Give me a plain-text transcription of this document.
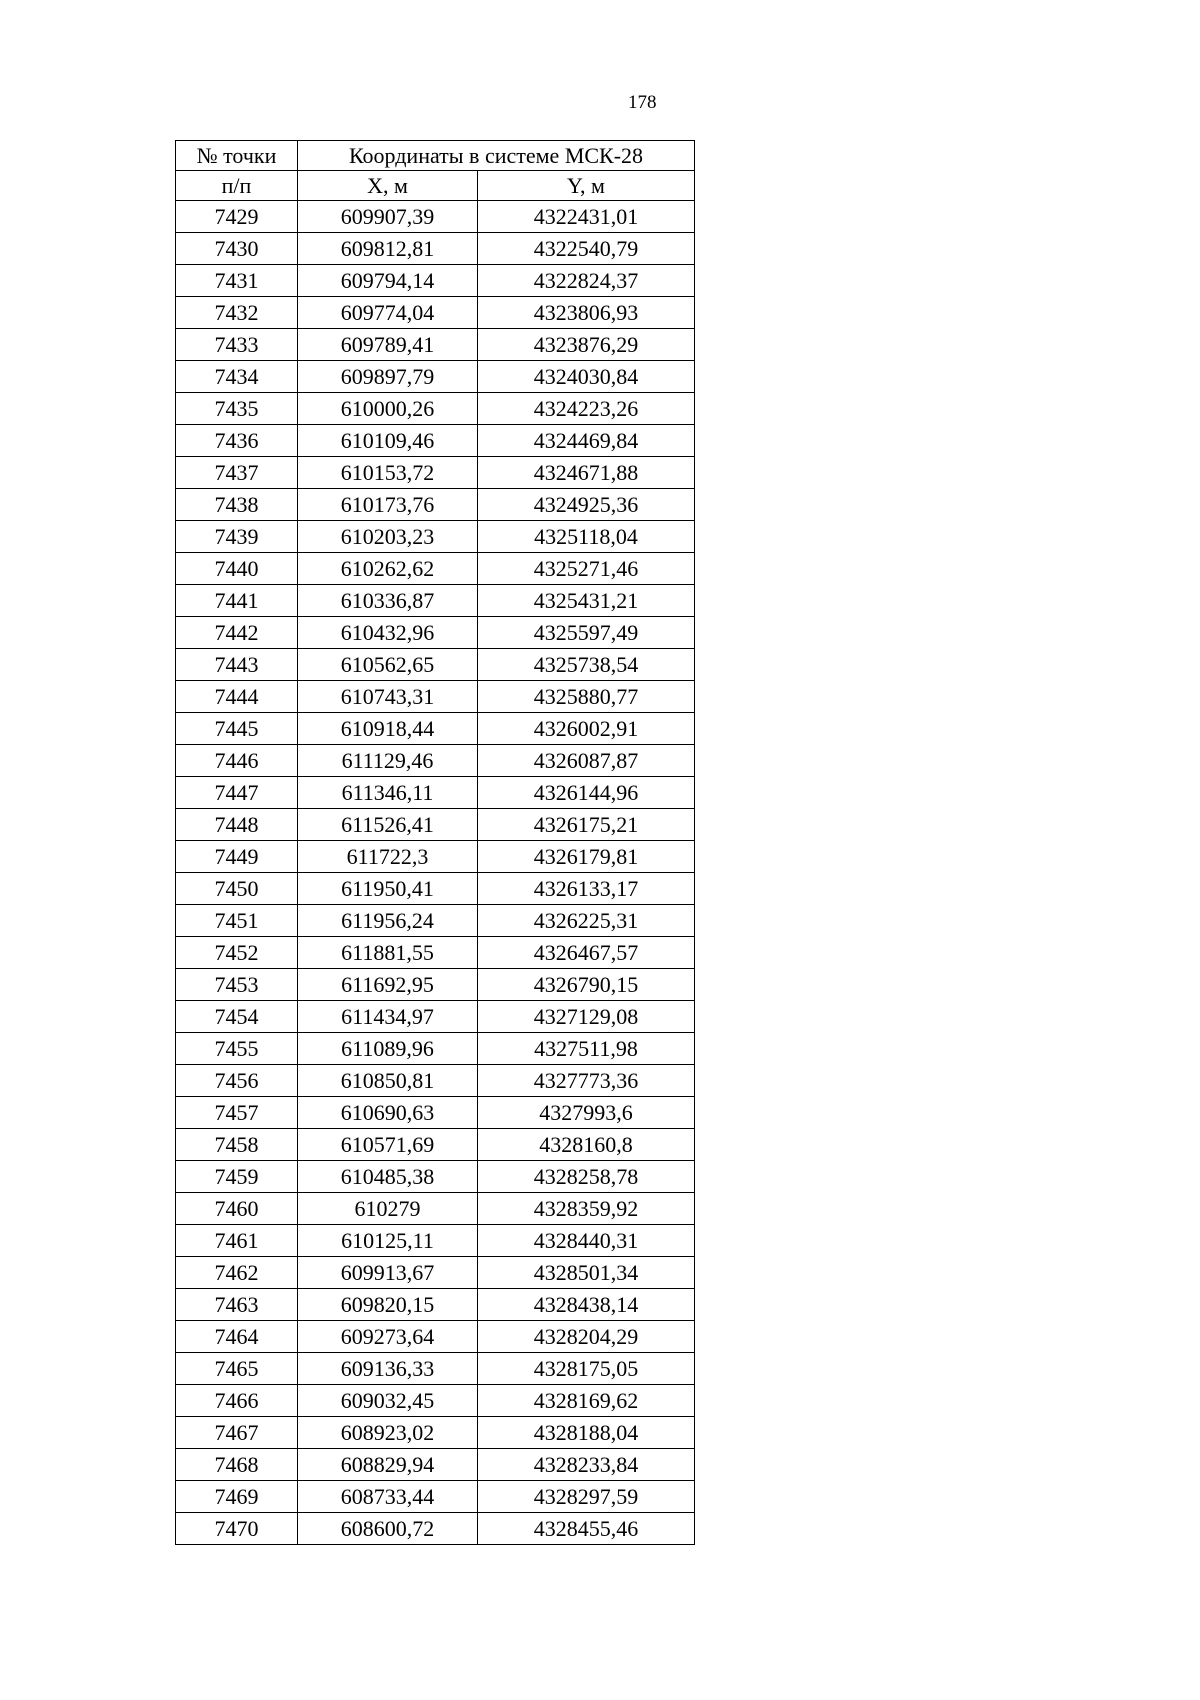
178
№ точки	Координаты в системе МСК-28	
п/п	X, м	Y, м
7429	609907,39	4322431,01
7430	609812,81	4322540,79
7431	609794,14	4322824,37
7432	609774,04	4323806,93
7433	609789,41	4323876,29
7434	609897,79	4324030,84
7435	610000,26	4324223,26
7436	610109,46	4324469,84
7437	610153,72	4324671,88
7438	610173,76	4324925,36
7439	610203,23	4325118,04
7440	610262,62	4325271,46
7441	610336,87	4325431,21
7442	610432,96	4325597,49
7443	610562,65	4325738,54
7444	610743,31	4325880,77
7445	610918,44	4326002,91
7446	611129,46	4326087,87
7447	611346,11	4326144,96
7448	611526,41	4326175,21
7449	611722,3	4326179,81
7450	611950,41	4326133,17
7451	611956,24	4326225,31
7452	611881,55	4326467,57
7453	611692,95	4326790,15
7454	611434,97	4327129,08
7455	611089,96	4327511,98
7456	610850,81	4327773,36
7457	610690,63	4327993,6
7458	610571,69	4328160,8
7459	610485,38	4328258,78
7460	610279	4328359,92
7461	610125,11	4328440,31
7462	609913,67	4328501,34
7463	609820,15	4328438,14
7464	609273,64	4328204,29
7465	609136,33	4328175,05
7466	609032,45	4328169,62
7467	608923,02	4328188,04
7468	608829,94	4328233,84
7469	608733,44	4328297,59
7470	608600,72	4328455,46
